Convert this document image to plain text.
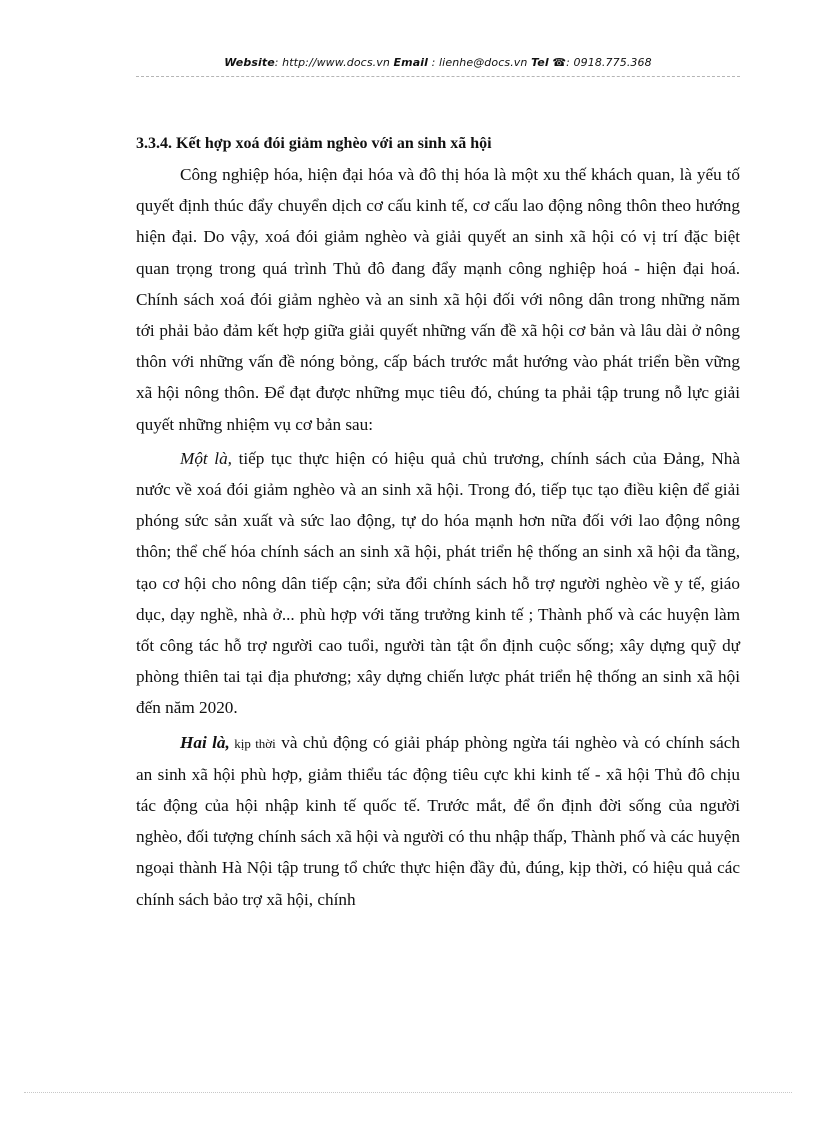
Website: http://www.docs.vn Email : lienhe@docs.vn Tel ☎: 0918.775.368
3.3.4. Kết hợp xoá đói giảm nghèo với an sinh xã hội

Công nghiệp hóa, hiện đại hóa và đô thị hóa là một xu thế khách quan, là yếu tố quyết định thúc đẩy chuyển dịch cơ cấu kinh tế, cơ cấu lao động nông thôn theo hướng hiện đại. Do vậy, xoá đói giảm nghèo và giải quyết an sinh xã hội có vị trí đặc biệt quan trọng trong quá trình Thủ đô đang đẩy mạnh công nghiệp hoá - hiện đại hoá. Chính sách xoá đói giảm nghèo và an sinh xã hội đối với nông dân trong những năm tới phải bảo đảm kết hợp giữa giải quyết những vấn đề xã hội cơ bản và lâu dài ở nông thôn với những vấn đề nóng bỏng, cấp bách trước mắt hướng vào phát triển bền vững xã hội nông thôn. Để đạt được những mục tiêu đó, chúng ta phải tập trung nỗ lực giải quyết những nhiệm vụ cơ bản sau:

Một là, tiếp tục thực hiện có hiệu quả chủ trương, chính sách của Đảng, Nhà nước về xoá đói giảm nghèo và an sinh xã hội. Trong đó, tiếp tục tạo điều kiện để giải phóng sức sản xuất và sức lao động, tự do hóa mạnh hơn nữa đối với lao động nông thôn; thể chế hóa chính sách an sinh xã hội, phát triển hệ thống an sinh xã hội đa tầng, tạo cơ hội cho nông dân tiếp cận; sửa đổi chính sách hỗ trợ người nghèo về y tế, giáo dục, dạy nghề, nhà ở... phù hợp với tăng trưởng kinh tế ; Thành phố và các huyện làm tốt công tác hỗ trợ người cao tuổi, người tàn tật ổn định cuộc sống; xây dựng quỹ dự phòng thiên tai tại địa phương; xây dựng chiến lược phát triển hệ thống an sinh xã hội đến năm 2020.

Hai là, kịp thời và chủ động có giải pháp phòng ngừa tái nghèo và có chính sách an sinh xã hội phù hợp, giảm thiểu tác động tiêu cực khi kinh tế - xã hội Thủ đô chịu tác động của hội nhập kinh tế quốc tế. Trước mắt, để ổn định đời sống của người nghèo, đối tượng chính sách xã hội và người có thu nhập thấp, Thành phố và các huyện ngoại thành Hà Nội tập trung tổ chức thực hiện đầy đủ, đúng, kịp thời, có hiệu quả các chính sách bảo trợ xã hội, chính
